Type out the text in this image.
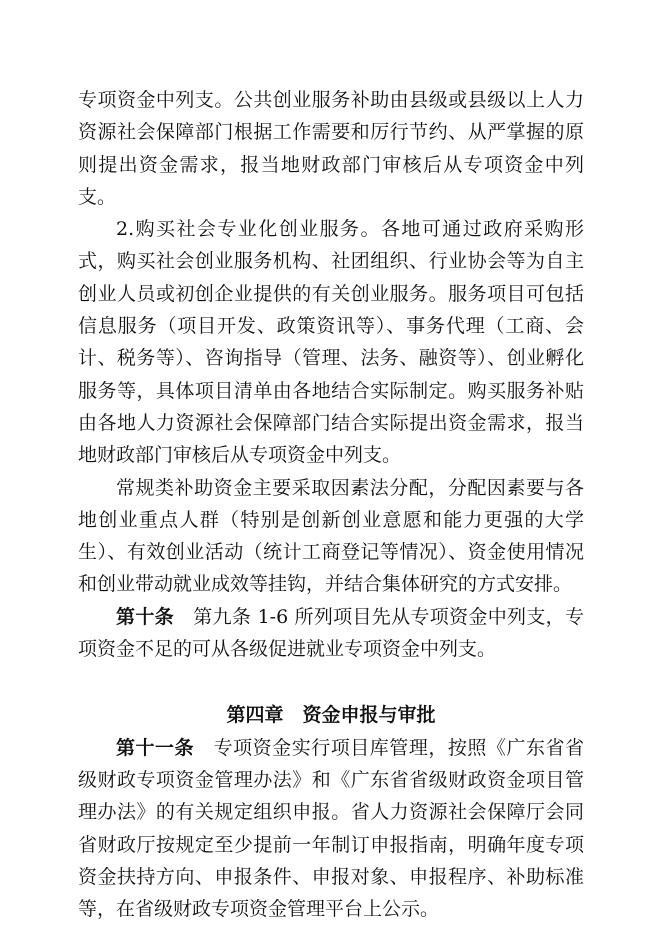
专项资金中列支。公共创业服务补助由县级或县级以上人力资源社会保障部门根据工作需要和厉行节约、从严掌握的原则提出资金需求，报当地财政部门审核后从专项资金中列支。

2.购买社会专业化创业服务。各地可通过政府采购形式，购买社会创业服务机构、社团组织、行业协会等为自主创业人员或初创企业提供的有关创业服务。服务项目可包括信息服务（项目开发、政策资讯等）、事务代理（工商、会计、税务等）、咨询指导（管理、法务、融资等）、创业孵化服务等，具体项目清单由各地结合实际制定。购买服务补贴由各地人力资源社会保障部门结合实际提出资金需求，报当地财政部门审核后从专项资金中列支。

常规类补助资金主要采取因素法分配，分配因素要与各地创业重点人群（特别是创新创业意愿和能力更强的大学生）、有效创业活动（统计工商登记等情况）、资金使用情况和创业带动就业成效等挂钩，并结合集体研究的方式安排。

第十条　第九条 1-6 所列项目先从专项资金中列支，专项资金不足的可从各级促进就业专项资金中列支。

第四章　资金申报与审批

第十一条　专项资金实行项目库管理，按照《广东省省级财政专项资金管理办法》和《广东省省级财政资金项目管理办法》的有关规定组织申报。省人力资源社会保障厅会同省财政厅按规定至少提前一年制订申报指南，明确年度专项资金扶持方向、申报条件、申报对象、申报程序、补助标准等，在省级财政专项资金管理平台上公示。
